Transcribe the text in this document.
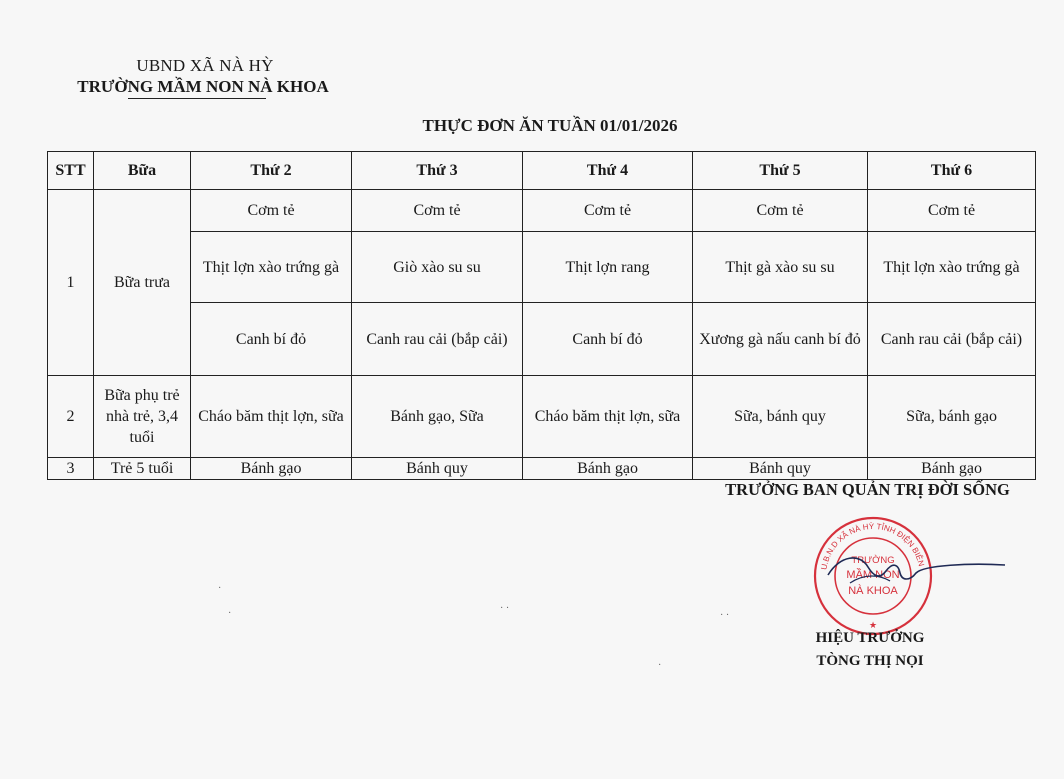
UBND XÃ NÀ HỲ
TRƯỜNG MẦM NON NÀ KHOA
THỰC ĐƠN ĂN TUẦN 01/01/2026
STT	Bữa	Thứ 2	Thứ 3	Thứ 4	Thứ 5	Thứ 6
1	Bữa trưa	Cơm tẻ	Cơm tẻ	Cơm tẻ	Cơm tẻ	Cơm tẻ
		Thịt lợn xào trứng gà	Giò xào su su	Thịt lợn rang	Thịt gà xào su su	Thịt lợn xào trứng gà
		Canh bí đỏ	Canh rau cải (bắp cải)	Canh bí đỏ	Xương gà nấu canh bí đỏ	Canh rau cải (bắp cải)
2	Bữa phụ trẻ nhà trẻ, 3,4 tuổi	Cháo băm thịt lợn, sữa	Bánh gạo, Sữa	Cháo băm thịt lợn, sữa	Sữa, bánh quy	Sữa, bánh gạo
3	Trẻ 5 tuổi	Bánh gạo	Bánh quy	Bánh gạo	Bánh quy	Bánh gạo
TRƯỞNG BAN QUẢN TRỊ ĐỜI SỐNG
U.B.N.D XÃ NÀ HỲ TỈNH ĐIỆN BIÊN
TRƯỜNG
MẦM NON
NÀ KHOA
★
HIỆU TRƯỞNG
TÒNG THỊ NỌI
·
·	· ·
·
· ·
